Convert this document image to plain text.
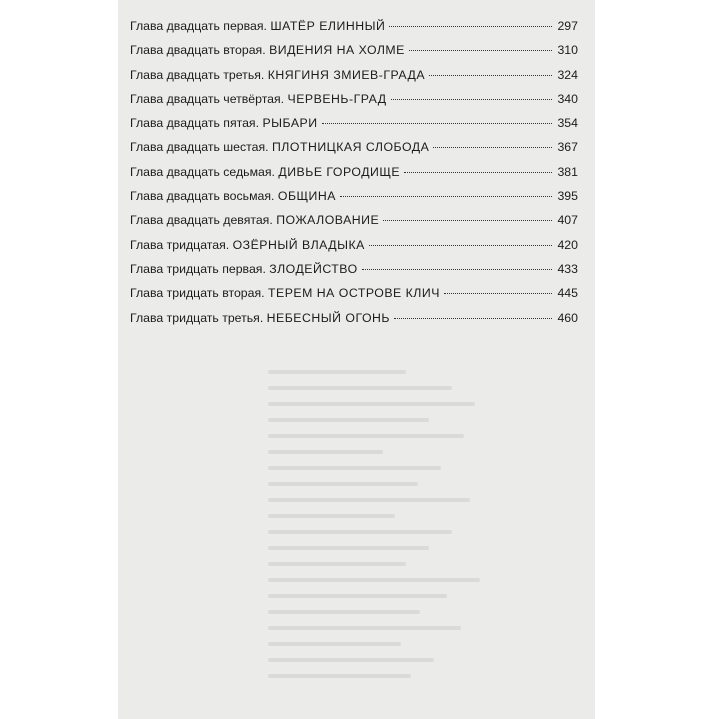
Глава двадцать первая. ШАТЁР ЕЛИННЫЙ	297
Глава двадцать вторая. ВИДЕНИЯ НА ХОЛМЕ	310
Глава двадцать третья. КНЯГИНЯ ЗМИЕВ-ГРАДА	324
Глава двадцать четвёртая. ЧЕРВЕНЬ-ГРАД	340
Глава двадцать пятая. РЫБАРИ	354
Глава двадцать шестая. ПЛОТНИЦКАЯ СЛОБОДА	367
Глава двадцать седьмая. ДИВЬЕ ГОРОДИЩЕ	381
Глава двадцать восьмая. ОБЩИНА	395
Глава двадцать девятая. ПОЖАЛОВАНИЕ	407
Глава тридцатая. ОЗЁРНЫЙ ВЛАДЫКА	420
Глава тридцать первая. ЗЛОДЕЙСТВО	433
Глава тридцать вторая. ТЕРЕМ НА ОСТРОВЕ КЛИЧ	445
Глава тридцать третья. НЕБЕСНЫЙ ОГОНЬ	460
